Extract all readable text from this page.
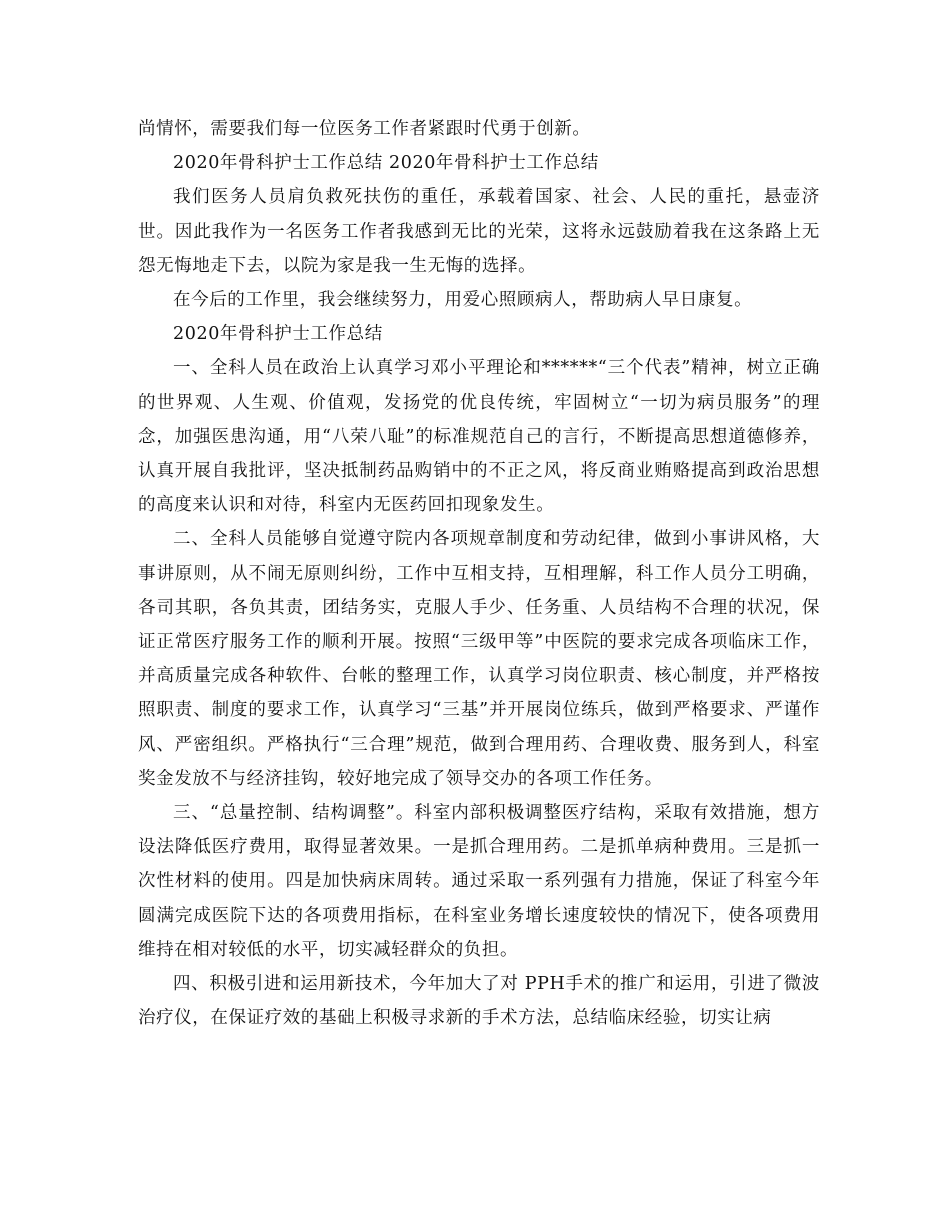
尚情怀，需要我们每一位医务工作者紧跟时代勇于创新。

2020年骨科护士工作总结 2020年骨科护士工作总结

我们医务人员肩负救死扶伤的重任，承载着国家、社会、人民的重托，悬壶济世。因此我作为一名医务工作者我感到无比的光荣，这将永远鼓励着我在这条路上无怨无悔地走下去，以院为家是我一生无悔的选择。

在今后的工作里，我会继续努力，用爱心照顾病人，帮助病人早日康复。

2020年骨科护士工作总结

一、全科人员在政治上认真学习邓小平理论和******“三个代表”精神，树立正确的世界观、人生观、价值观，发扬党的优良传统，牢固树立“一切为病员服务”的理念，加强医患沟通，用“八荣八耻”的标准规范自己的言行，不断提高思想道德修养，认真开展自我批评，坚决抵制药品购销中的不正之风，将反商业贿赂提高到政治思想的高度来认识和对待，科室内无医药回扣现象发生。

二、全科人员能够自觉遵守院内各项规章制度和劳动纪律，做到小事讲风格，大事讲原则，从不闹无原则纠纷，工作中互相支持，互相理解，科工作人员分工明确，各司其职，各负其责，团结务实，克服人手少、任务重、人员结构不合理的状况，保证正常医疗服务工作的顺利开展。按照“三级甲等”中医院的要求完成各项临床工作，并高质量完成各种软件、台帐的整理工作，认真学习岗位职责、核心制度，并严格按照职责、制度的要求工作，认真学习“三基”并开展岗位练兵，做到严格要求、严谨作风、严密组织。严格执行“三合理”规范，做到合理用药、合理收费、服务到人，科室奖金发放不与经济挂钩，较好地完成了领导交办的各项工作任务。

三、“总量控制、结构调整”。科室内部积极调整医疗结构，采取有效措施，想方设法降低医疗费用，取得显著效果。一是抓合理用药。二是抓单病种费用。三是抓一次性材料的使用。四是加快病床周转。通过采取一系列强有力措施，保证了科室今年圆满完成医院下达的各项费用指标，在科室业务增长速度较快的情况下，使各项费用维持在相对较低的水平，切实减轻群众的负担。

四、积极引进和运用新技术，今年加大了对 PPH手术的推广和运用，引进了微波治疗仪，在保证疗效的基础上积极寻求新的手术方法，总结临床经验，切实让病
